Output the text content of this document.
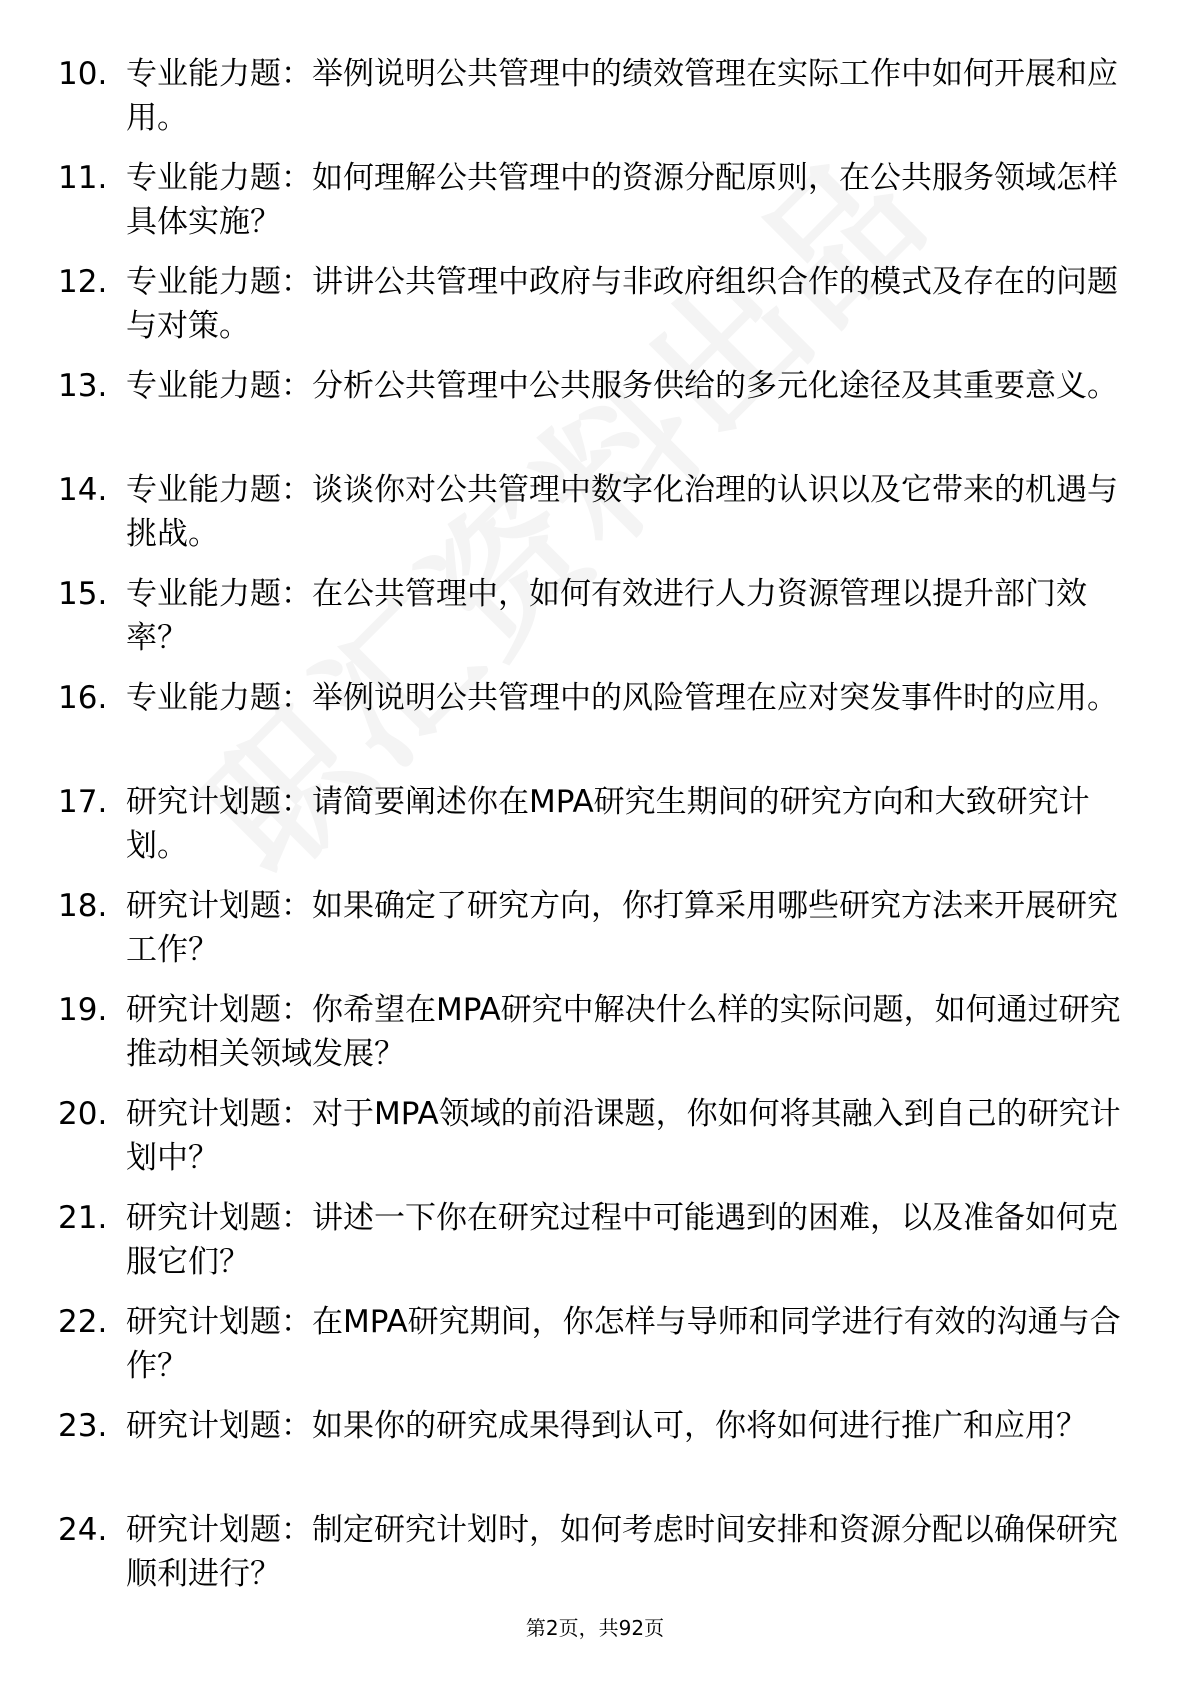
10. 专业能力题：举例说明公共管理中的绩效管理在实际工作中如何开展和应用。
11. 专业能力题：如何理解公共管理中的资源分配原则，在公共服务领域怎样具体实施？
12. 专业能力题：讲讲公共管理中政府与非政府组织合作的模式及存在的问题与对策。
13. 专业能力题：分析公共管理中公共服务供给的多元化途径及其重要意义。
14. 专业能力题：谈谈你对公共管理中数字化治理的认识以及它带来的机遇与挑战。
15. 专业能力题：在公共管理中，如何有效进行人力资源管理以提升部门效率？
16. 专业能力题：举例说明公共管理中的风险管理在应对突发事件时的应用。
17. 研究计划题：请简要阐述你在MPA研究生期间的研究方向和大致研究计划。
18. 研究计划题：如果确定了研究方向，你打算采用哪些研究方法来开展研究工作？
19. 研究计划题：你希望在MPA研究中解决什么样的实际问题，如何通过研究推动相关领域发展？
20. 研究计划题：对于MPA领域的前沿课题，你如何将其融入到自己的研究计划中？
21. 研究计划题：讲述一下你在研究过程中可能遇到的困难，以及准备如何克服它们？
22. 研究计划题：在MPA研究期间，你怎样与导师和同学进行有效的沟通与合作？
23. 研究计划题：如果你的研究成果得到认可，你将如何进行推广和应用？
24. 研究计划题：制定研究计划时，如何考虑时间安排和资源分配以确保研究顺利进行？
第2页，共92页
